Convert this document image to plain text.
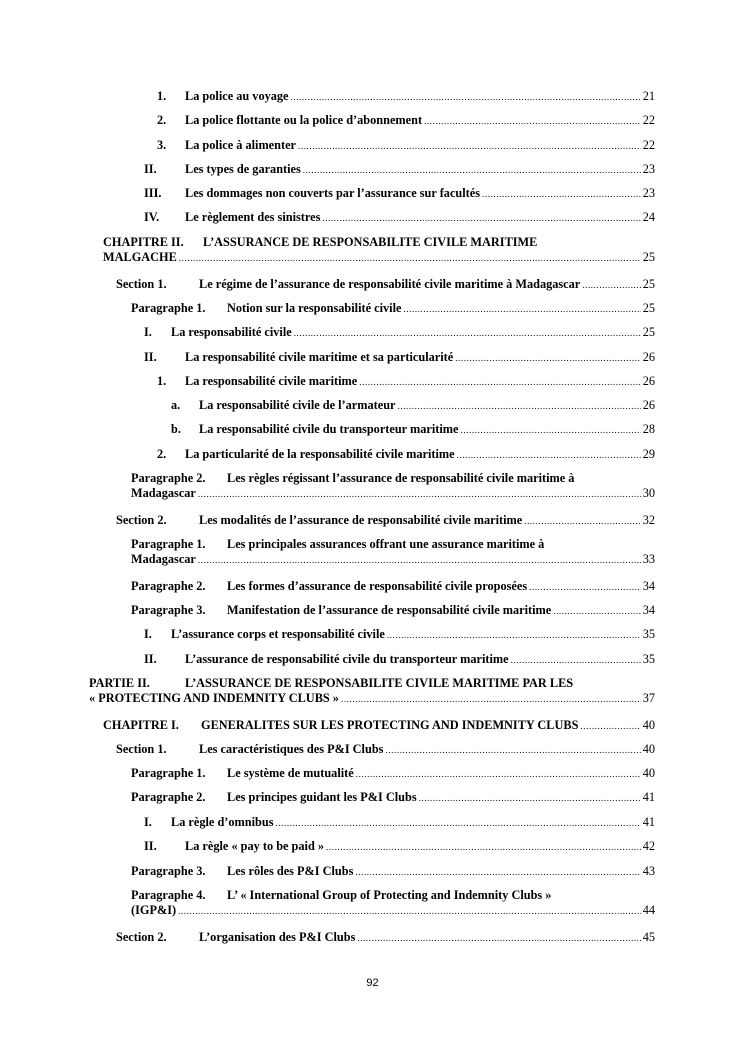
1.	La police au voyage .....	21
2.	La police flottante ou la police d’abonnement .....	22
3.	La police à alimenter .....	22
II.	Les types de garanties .....	23
III.	Les dommages non couverts par l’assurance sur facultés .....	23
IV.	Le règlement des sinistres .....	24
CHAPITRE II.	L’ASSURANCE DE RESPONSABILITE CIVILE MARITIME
MALGACHE .....	25
Section 1.	Le régime de l’assurance de responsabilité civile maritime à Madagascar .....	25
Paragraphe 1.	Notion sur la responsabilité civile .....	25
I.	La responsabilité civile .....	25
II.	La responsabilité civile maritime et sa particularité .....	26
1.	La responsabilité civile maritime .....	26
a.	La responsabilité civile de l’armateur .....	26
b.	La responsabilité civile du transporteur maritime .....	28
2.	La particularité de la responsabilité civile maritime .....	29
Paragraphe 2.	Les règles régissant l’assurance de responsabilité civile maritime à
Madagascar .....	30
Section 2.	Les modalités de l’assurance de responsabilité civile maritime .....	32
Paragraphe 1.	Les principales assurances offrant une assurance maritime à
Madagascar .....	33
Paragraphe 2.	Les formes d’assurance de responsabilité civile proposées .....	34
Paragraphe 3.	Manifestation de l’assurance de responsabilité civile maritime .....	34
I.	L’assurance corps et responsabilité civile .....	35
II.	L’assurance de responsabilité civile du transporteur maritime .....	35
PARTIE II.	L’ASSURANCE DE RESPONSABILITE CIVILE MARITIME PAR LES
« PROTECTING AND INDEMNITY CLUBS » .....	37
CHAPITRE I.	GENERALITES SUR LES PROTECTING AND INDEMNITY CLUBS .....	40
Section 1.	Les caractéristiques des P&I Clubs .....	40
Paragraphe 1.	Le système de mutualité .....	40
Paragraphe 2.	Les principes guidant les P&I Clubs .....	41
I.	La règle d’omnibus .....	41
II.	La règle « pay to be paid » .....	42
Paragraphe 3.	Les rôles des P&I Clubs .....	43
Paragraphe 4.	L’ « International Group of Protecting and Indemnity Clubs »
(IGP&I) .....	44
Section 2.	L’organisation des P&I Clubs .....	45
92
